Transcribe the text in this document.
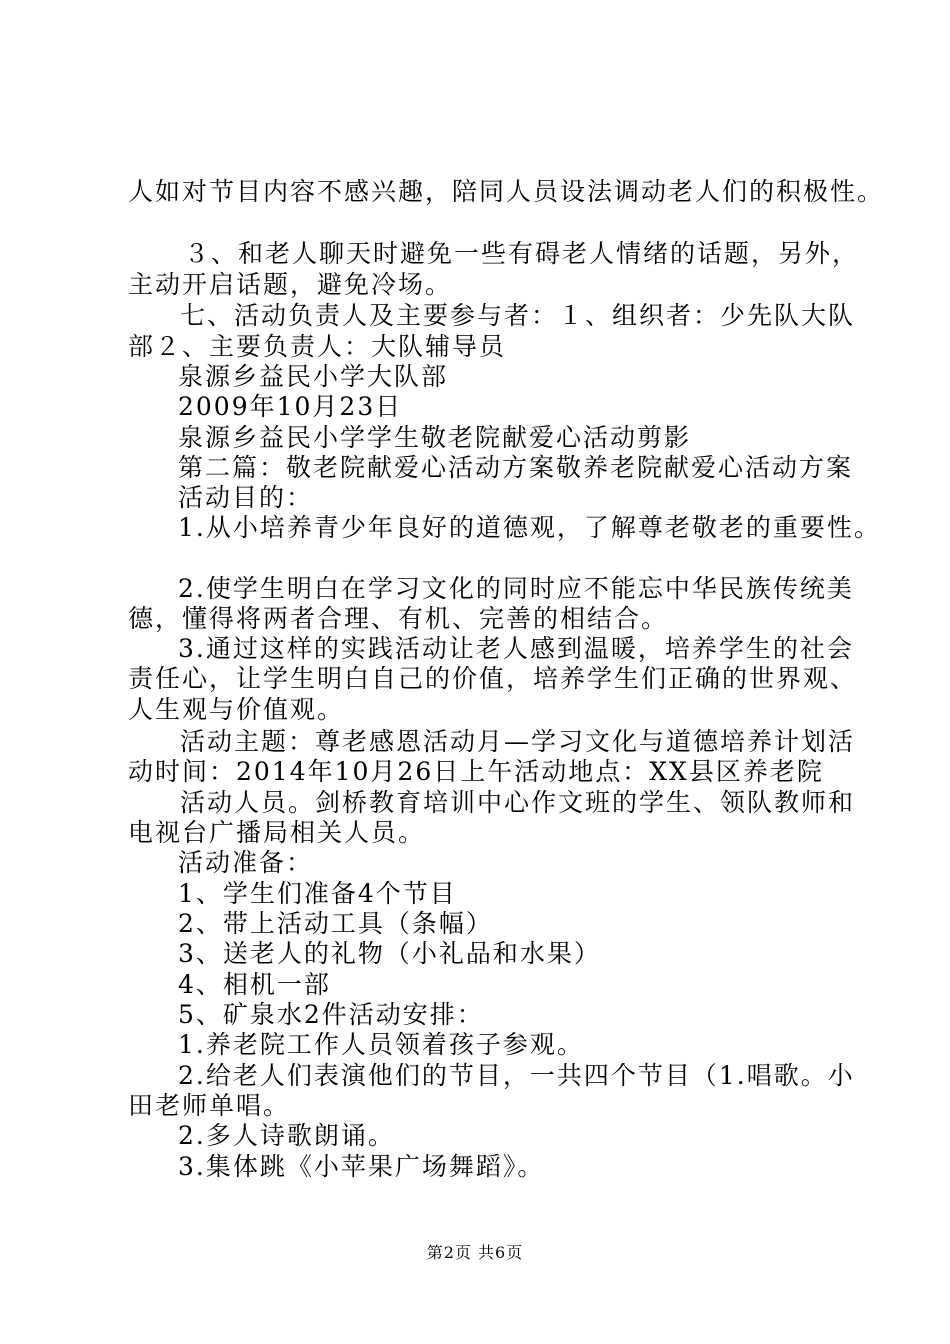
人如对节目内容不感兴趣，陪同人员设法调动老人们的积极性。
３、和老人聊天时避免一些有碍老人情绪的话题，另外，
主动开启话题，避免冷场。
七、活动负责人及主要参与者：１、组织者：少先队大队
部２、主要负责人：大队辅导员
泉源乡益民小学大队部
2009年10月23日
泉源乡益民小学学生敬老院献爱心活动剪影
第二篇：敬老院献爱心活动方案敬养老院献爱心活动方案
活动目的：
1.从小培养青少年良好的道德观，了解尊老敬老的重要性。
2.使学生明白在学习文化的同时应不能忘中华民族传统美
德，懂得将两者合理、有机、完善的相结合。
3.通过这样的实践活动让老人感到温暖，培养学生的社会
责任心，让学生明白自己的价值，培养学生们正确的世界观、
人生观与价值观。
活动主题：尊老感恩活动月—学习文化与道德培养计划活
动时间：2014年10月26日上午活动地点：XX县区养老院
活动人员。剑桥教育培训中心作文班的学生、领队教师和
电视台广播局相关人员。
活动准备：
1、学生们准备4个节目
2、带上活动工具（条幅）
3、送老人的礼物（小礼品和水果）
4、相机一部
5、矿泉水2件活动安排：
1.养老院工作人员领着孩子参观。
2.给老人们表演他们的节目，一共四个节目（1.唱歌。小
田老师单唱。
2.多人诗歌朗诵。
3.集体跳《小苹果广场舞蹈》。
第2页 共6页
